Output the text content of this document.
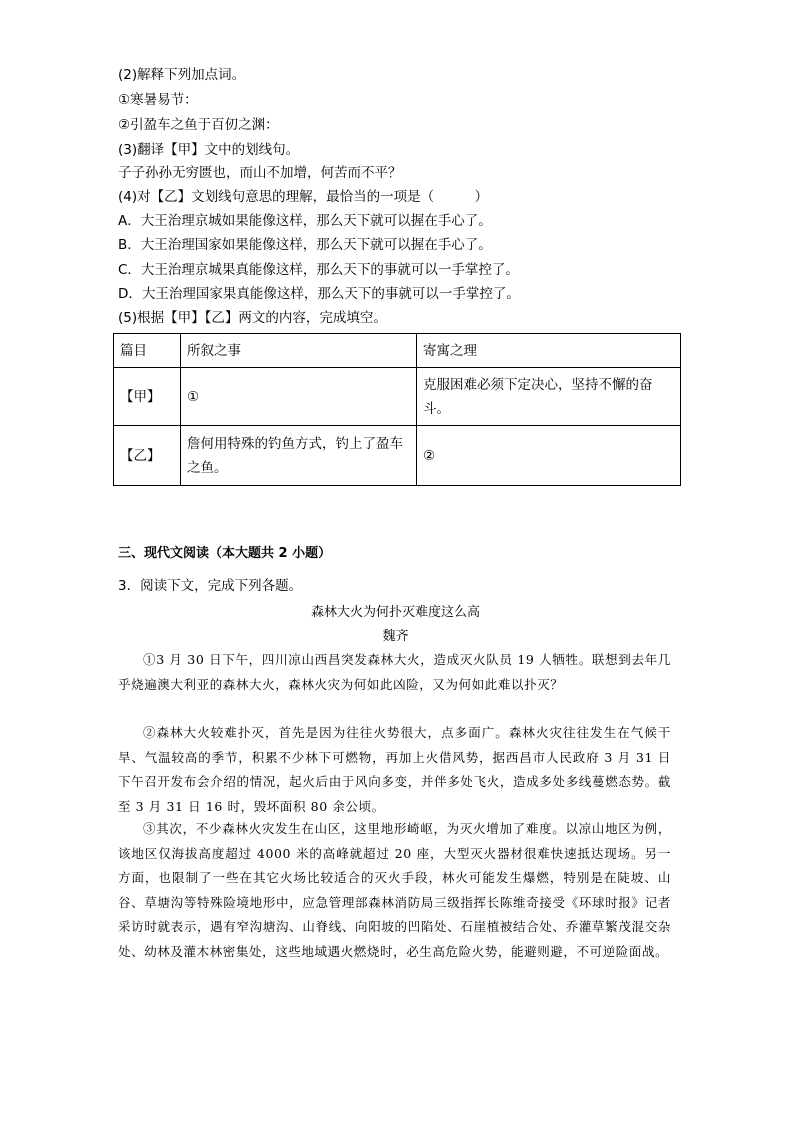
(2)解释下列加点词。
①寒暑易节：
②引盈车之鱼于百仞之渊：
(3)翻译【甲】文中的划线句。
子子孙孙无穷匮也，而山不加增，何苦而不平？
(4)对【乙】文划线句意思的理解，最恰当的一项是（　　　）
A．大王治理京城如果能像这样，那么天下就可以握在手心了。
B．大王治理国家如果能像这样，那么天下就可以握在手心了。
C．大王治理京城果真能像这样，那么天下的事就可以一手掌控了。
D．大王治理国家果真能像这样，那么天下的事就可以一手掌控了。
(5)根据【甲】【乙】两文的内容，完成填空。
篇目	所叙之事	寄寓之理
【甲】	①	克服困难必须下定决心，坚持不懈的奋斗。
【乙】	詹何用特殊的钓鱼方式，钓上了盈车之鱼。	②
三、现代文阅读（本大题共 2 小题）
3．阅读下文，完成下列各题。
森林大火为何扑灭难度这么高
魏齐
①3 月 30 日下午，四川凉山西昌突发森林大火，造成灭火队员 19 人牺牲。联想到去年几乎烧遍澳大利亚的森林大火，森林火灾为何如此凶险，又为何如此难以扑灭？
②森林大火较难扑灭，首先是因为往往火势很大，点多面广。森林火灾往往发生在气候干旱、气温较高的季节，积累不少林下可燃物，再加上火借风势，据西昌市人民政府 3 月 31 日下午召开发布会介绍的情况，起火后由于风向多变，并伴多处飞火，造成多处多线蔓燃态势。截至 3 月 31 日 16 时，毁坏面积 80 余公顷。
③其次，不少森林火灾发生在山区，这里地形崎岖，为灭火增加了难度。以凉山地区为例，该地区仅海拔高度超过 4000 米的高峰就超过 20 座，大型灭火器材很难快速抵达现场。另一方面，也限制了一些在其它火场比较适合的灭火手段，林火可能发生爆燃，特别是在陡坡、山谷、草塘沟等特殊险境地形中，应急管理部森林消防局三级指挥长陈维奇接受《环球时报》记者采访时就表示，遇有窄沟塘沟、山脊线、向阳坡的凹陷处、石崖植被结合处、乔灌草繁茂混交杂处、幼林及灌木林密集处，这些地域遇火燃烧时，必生高危险火势，能避则避，不可逆险面战。
